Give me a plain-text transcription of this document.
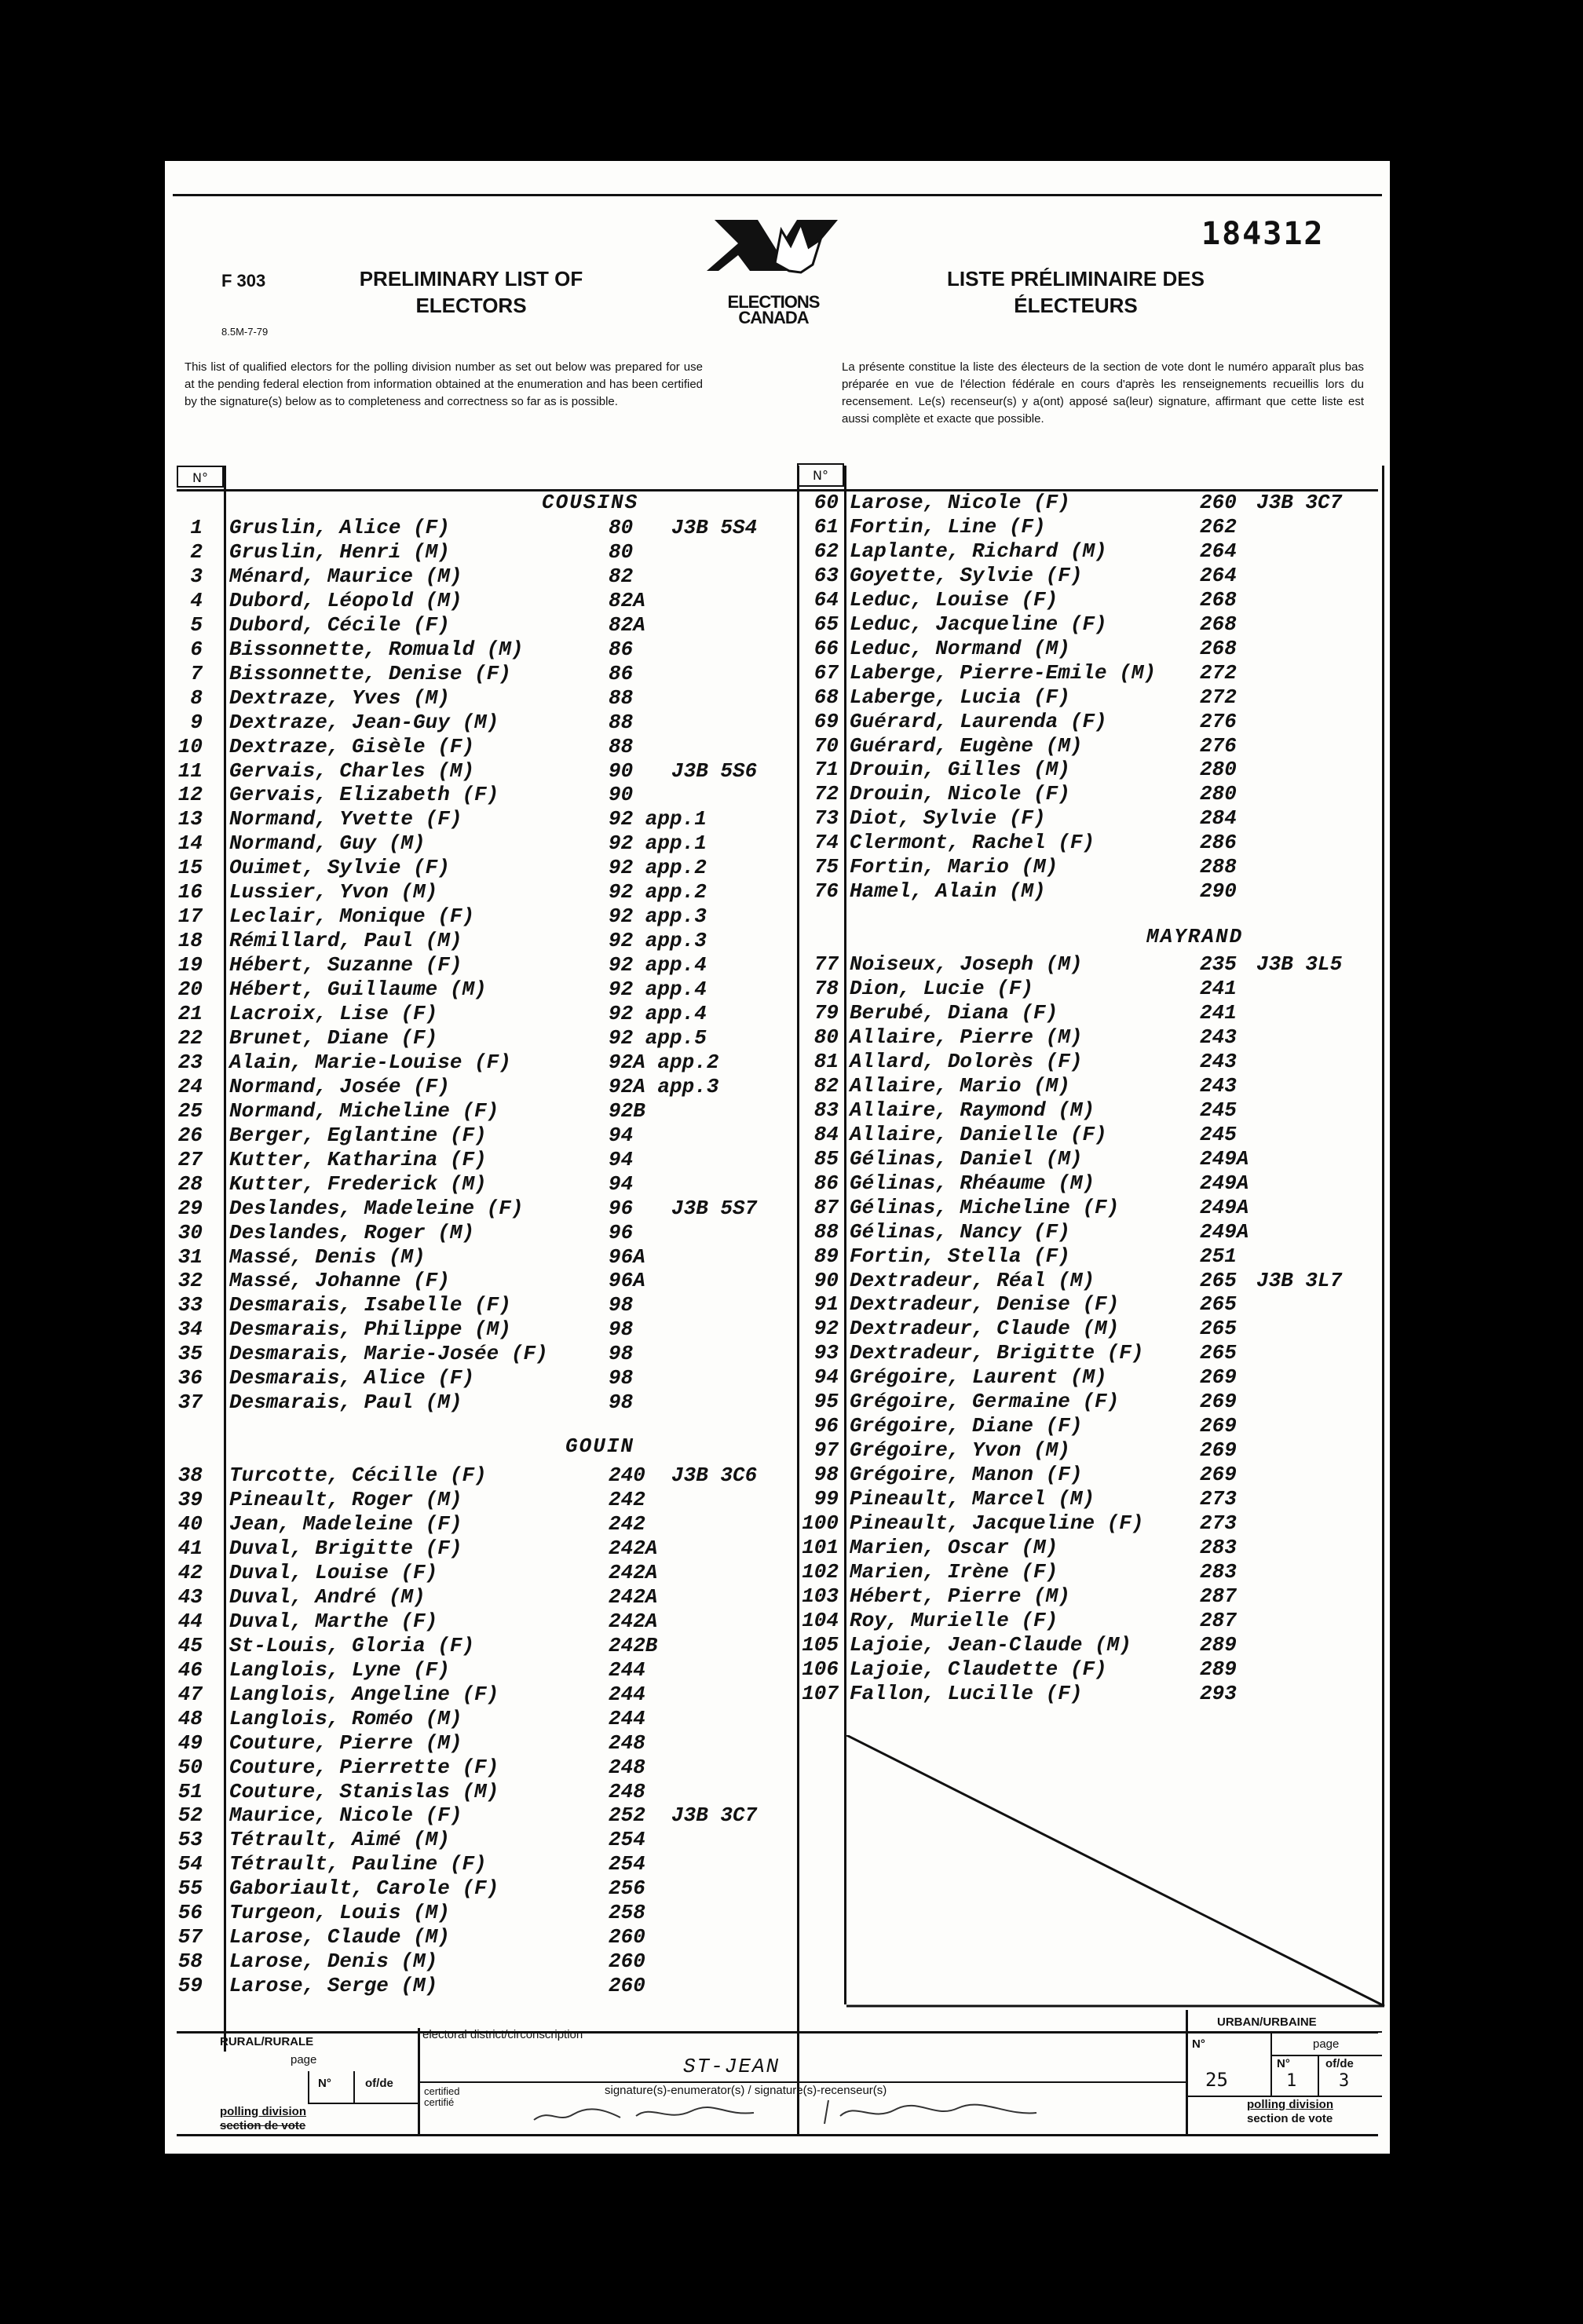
184312
F 303
8.5M-7-79
PRELIMINARY LIST OF ELECTORS
LISTE PRÉLIMINAIRE DES ÉLECTEURS
ELECTIONS CANADA
This list of qualified electors for the polling division number as set out below was prepared for use at the pending federal election from information obtained at the enumeration and has been certified by the signature(s) below as to completeness and correctness so far as is possible.
La présente constitue la liste des électeurs de la section de vote dont le numéro apparaît plus bas préparée en vue de l'élection fédérale en cours d'après les renseignements recueillis lors du recensement. Le(s) recenseur(s) y a(ont) apposé sa(leur) signature, affirmant que cette liste est aussi complète et exacte que possible.
N°	N°
COUSINS
GOUIN
MAYRAND
1 Gruslin, Alice (F)	80 J3B 5S4
2 Gruslin, Henri (M)	80
3 Ménard, Maurice (M)	82
4 Dubord, Léopold (M)	82A
5 Dubord, Cécile (F)	82A
6 Bissonnette, Romuald (M)	86
7 Bissonnette, Denise (F)	86
8 Dextraze, Yves (M)	88
9 Dextraze, Jean-Guy (M)	88
10 Dextraze, Gisèle (F)	88
11 Gervais, Charles (M)	90 J3B 5S6
12 Gervais, Elizabeth (F)	90
13 Normand, Yvette (F)	92 app.1
14 Normand, Guy (M)	92 app.1
15 Ouimet, Sylvie (F)	92 app.2
16 Lussier, Yvon (M)	92 app.2
17 Leclair, Monique (F)	92 app.3
18 Rémillard, Paul (M)	92 app.3
19 Hébert, Suzanne (F)	92 app.4
20 Hébert, Guillaume (M)	92 app.4
21 Lacroix, Lise (F)	92 app.4
22 Brunet, Diane (F)	92 app.5
23 Alain, Marie-Louise (F)	92A app.2
24 Normand, Josée (F)	92A app.3
25 Normand, Micheline (F)	92B
26 Berger, Eglantine (F)	94
27 Kutter, Katharina (F)	94
28 Kutter, Frederick (M)	94
29 Deslandes, Madeleine (F)	96 J3B 5S7
30 Deslandes, Roger (M)	96
31 Massé, Denis (M)	96A
32 Massé, Johanne (F)	96A
33 Desmarais, Isabelle (F)	98
34 Desmarais, Philippe (M)	98
35 Desmarais, Marie-Josée (F)	98
36 Desmarais, Alice (F)	98
37 Desmarais, Paul (M)	98
38 Turcotte, Cécille (F)	240 J3B 3C6
39 Pineault, Roger (M)	242
40 Jean, Madeleine (F)	242
41 Duval, Brigitte (F)	242A
42 Duval, Louise (F)	242A
43 Duval, André (M)	242A
44 Duval, Marthe (F)	242A
45 St-Louis, Gloria (F)	242B
46 Langlois, Lyne (F)	244
47 Langlois, Angeline (F)	244
48 Langlois, Roméo (M)	244
49 Couture, Pierre (M)	248
50 Couture, Pierrette (F)	248
51 Couture, Stanislas (M)	248
52 Maurice, Nicole (F)	252 J3B 3C7
53 Tétrault, Aimé (M)	254
54 Tétrault, Pauline (F)	254
55 Gaboriault, Carole (F)	256
56 Turgeon, Louis (M)	258
57 Larose, Claude (M)	260
58 Larose, Denis (M)	260
59 Larose, Serge (M)	260
60 Larose, Nicole (F)	260 J3B 3C7
61 Fortin, Line (F)	262
62 Laplante, Richard (M)	264
63 Goyette, Sylvie (F)	264
64 Leduc, Louise (F)	268
65 Leduc, Jacqueline (F)	268
66 Leduc, Normand (M)	268
67 Laberge, Pierre-Emile (M) 272
68 Laberge, Lucia (F)	272
69 Guérard, Laurenda (F)	276
70 Guérard, Eugène (M)	276
71 Drouin, Gilles (M)	280
72 Drouin, Nicole (F)	280
73 Diot, Sylvie (F)	284
74 Clermont, Rachel (F)	286
75 Fortin, Mario (M)	288
76 Hamel, Alain (M)	290
77 Noiseux, Joseph (M)	235 J3B 3L5
78 Dion, Lucie (F)	241
79 Berubé, Diana (F)	241
80 Allaire, Pierre (M)	243
81 Allard, Dolorès (F)	243
82 Allaire, Mario (M)	243
83 Allaire, Raymond (M)	245
84 Allaire, Danielle (F)	245
85 Gélinas, Daniel (M)	249A
86 Gélinas, Rhéaume (M)	249A
87 Gélinas, Micheline (F)	249A
88 Gélinas, Nancy (F)	249A
89 Fortin, Stella (F)	251
90 Dextradeur, Réal (M)	265 J3B 3L7
91 Dextradeur, Denise (F)	265
92 Dextradeur, Claude (M)	265
93 Dextradeur, Brigitte (F)	265
94 Grégoire, Laurent (M)	269
95 Grégoire, Germaine (F)	269
96 Grégoire, Diane (F)	269
97 Grégoire, Yvon (M)	269
98 Grégoire, Manon (F)	269
99 Pineault, Marcel (M)	273
100 Pineault, Jacqueline (F)	273
101 Marien, Oscar (M)	283
102 Marien, Irène (F)	283
103 Hébert, Pierre (M)	287
104 Roy, Murielle (F)	287
105 Lajoie, Jean-Claude (M)	289
106 Lajoie, Claudette (F)	289
107 Fallon, Lucille (F)	293
RURAL/RURALE
URBAN/URBAINE
electoral district/circonscription
ST-JEAN
signature(s)-enumerator(s) / signature(s)-recenseur(s)
certified certifié
page
N°	of/de
polling division
section de vote
N°
25
page
N°	of/de
1 3
polling division
section de vote
